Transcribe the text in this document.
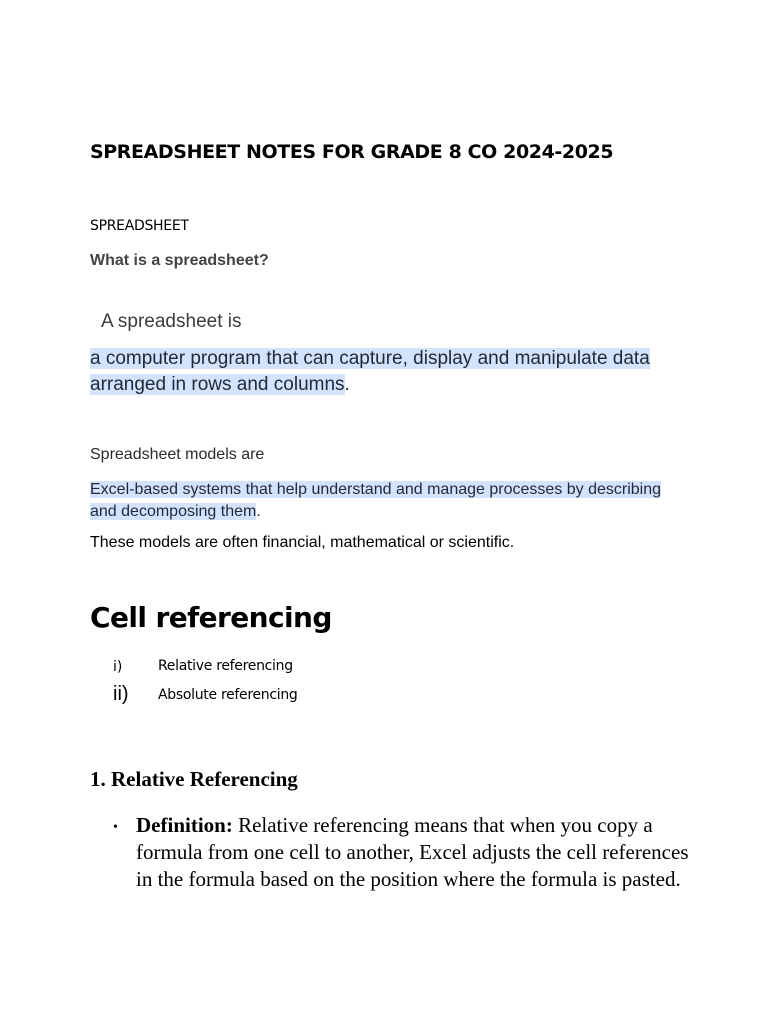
SPREADSHEET NOTES FOR GRADE 8 CO 2024-2025
SPREADSHEET
What is a spreadsheet?
A spreadsheet is
a computer program that can capture, display and manipulate data arranged in rows and columns.
Spreadsheet models are
Excel-based systems that help understand and manage processes by describing and decomposing them.
These models are often financial, mathematical or scientific.
Cell referencing
i)	Relative referencing
ii) Absolute referencing
1. Relative Referencing
• Definition: Relative referencing means that when you copy a formula from one cell to another, Excel adjusts the cell references in the formula based on the position where the formula is pasted.
